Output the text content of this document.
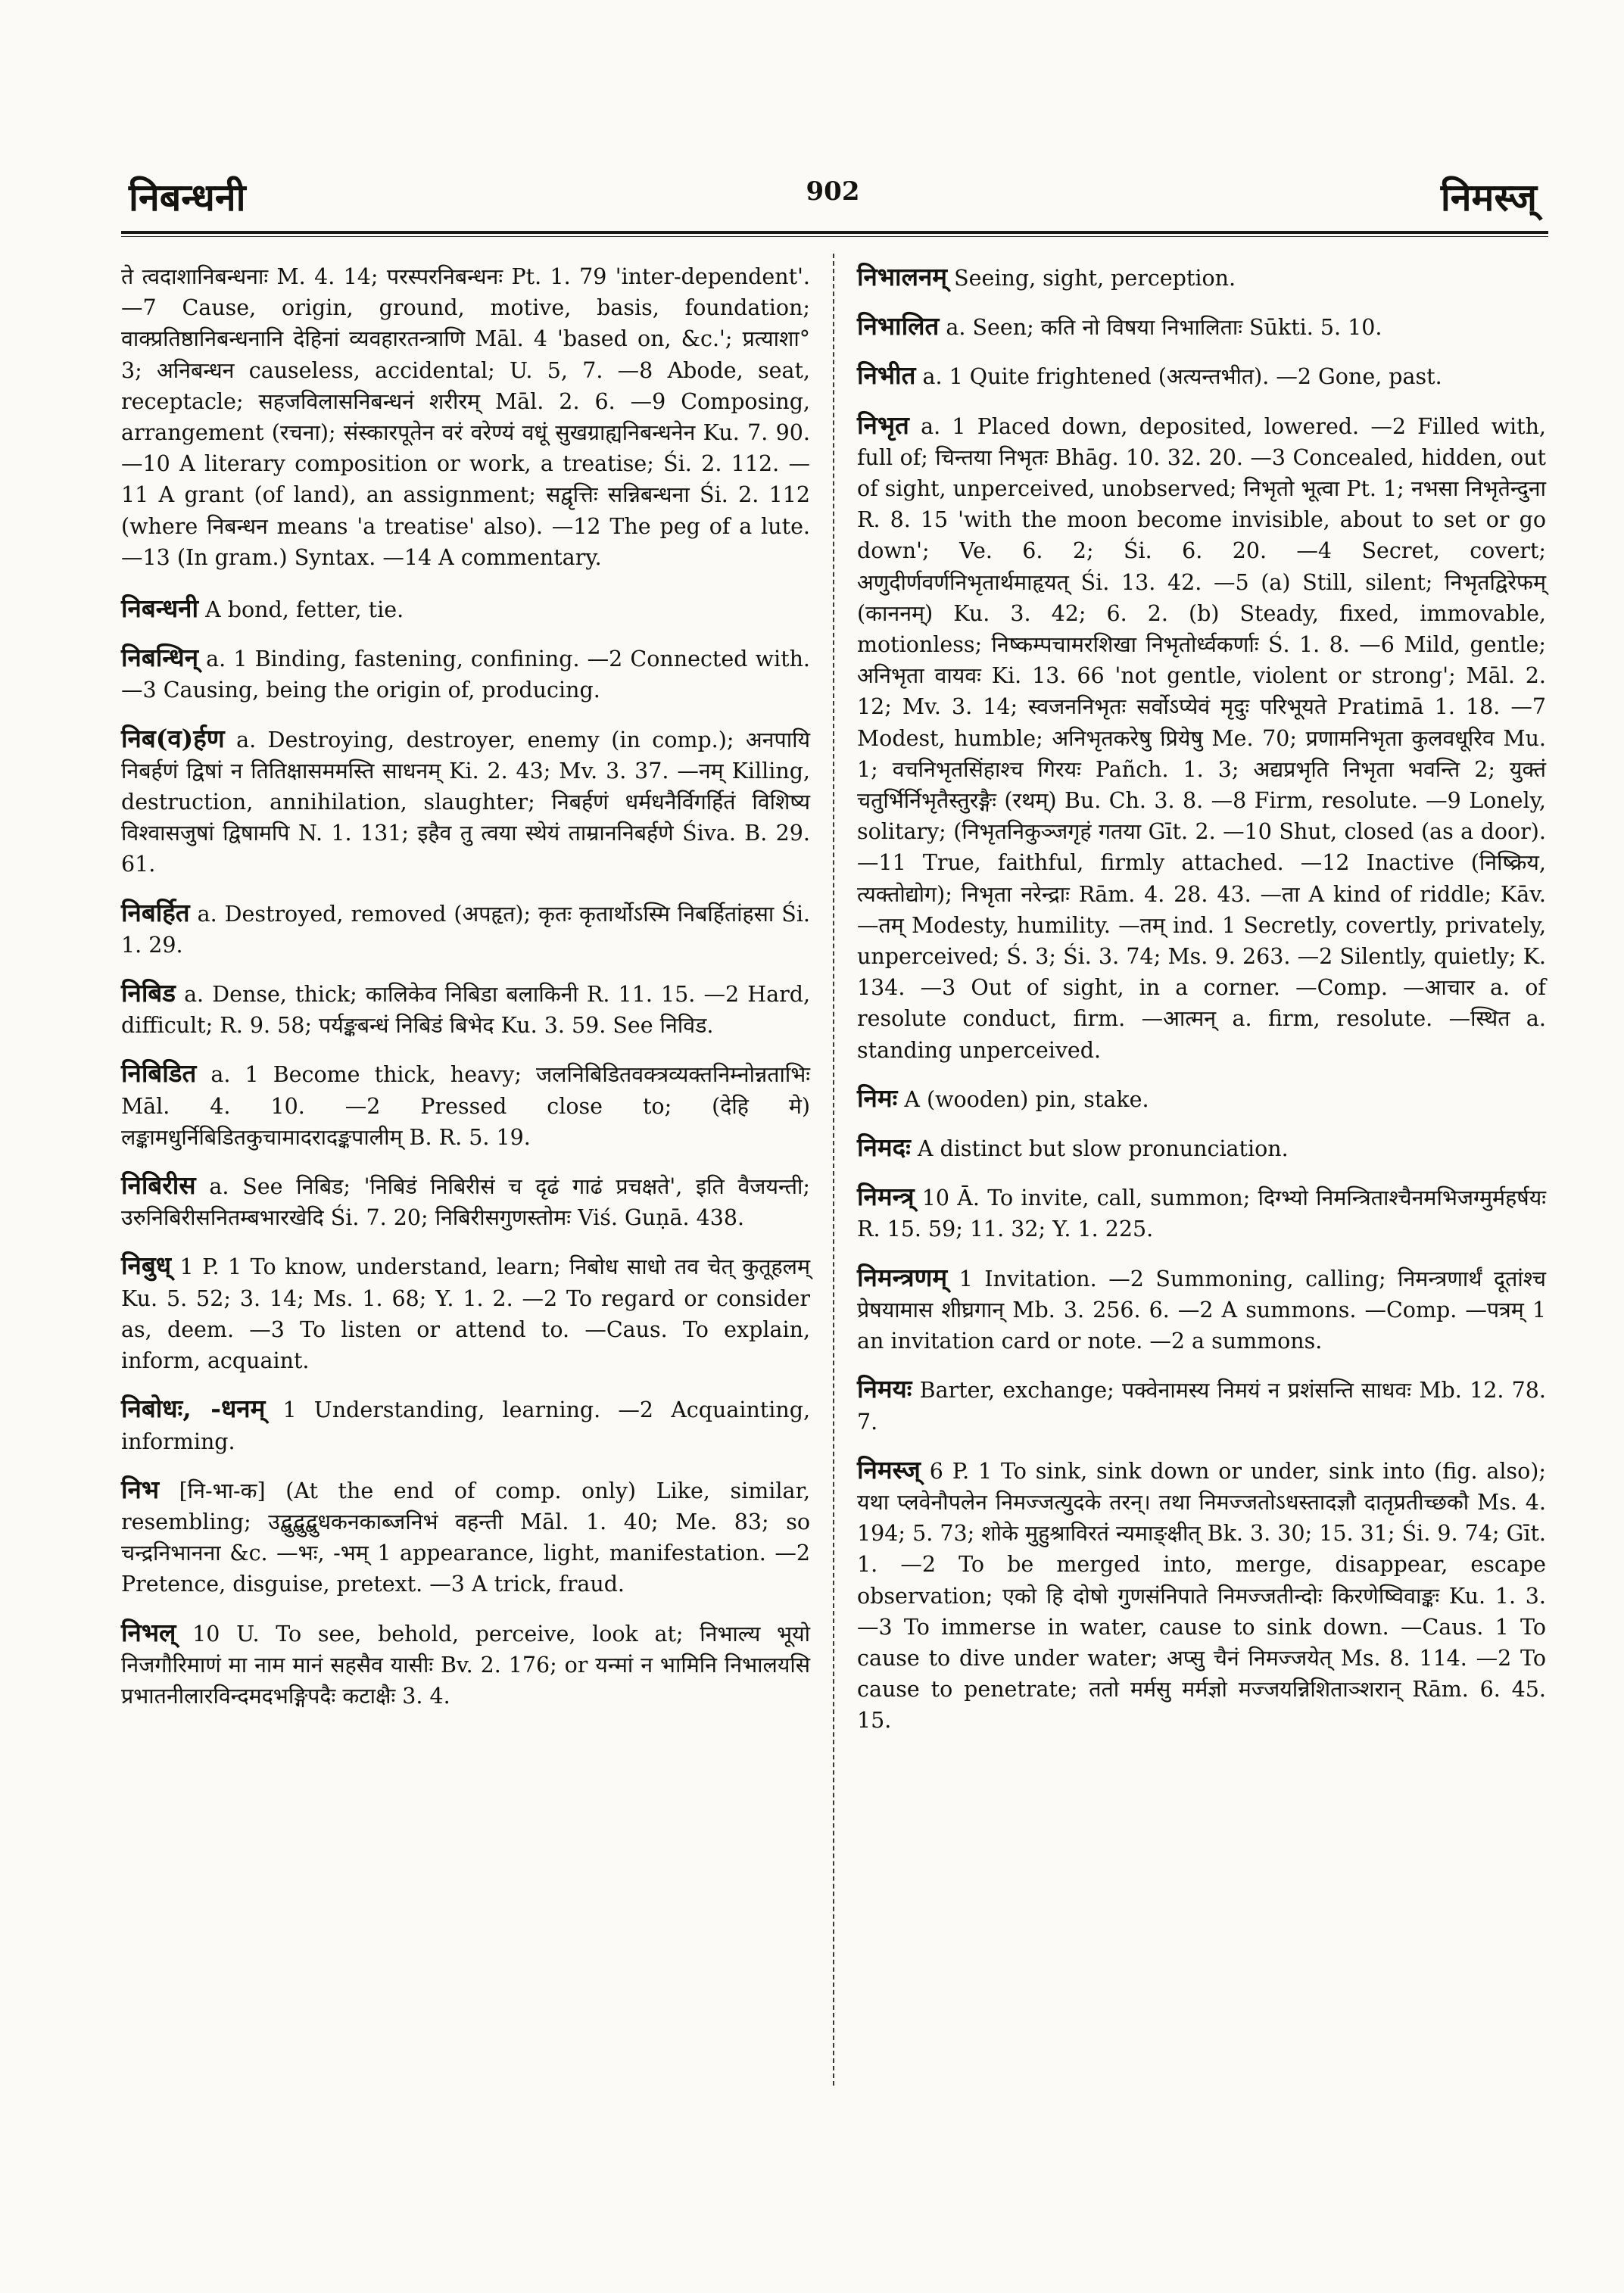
निबन्धनी	902	निमस्ज्

ते त्वदाशानिबन्धनाः M. 4. 14; परस्परनिबन्धनः Pt. 1. 79 'inter-dependent'. —7 Cause, origin, ground, motive, basis, foundation; वाक्प्रतिष्ठानिबन्धनानि देहिनां व्यवहारतन्त्राणि Māl. 4 'based on, &c.'; प्रत्याशा° 3; अनिबन्धन causeless, accidental; U. 5, 7. —8 Abode, seat, receptacle; सहजविलासनिबन्धनं शरीरम् Māl. 2. 6. —9 Composing, arrangement (रचना); संस्कारपूतेन वरं वरेण्यं वधूं सुखग्राह्यनिबन्धनेन Ku. 7. 90. —10 A literary composition or work, a treatise; Śi. 2. 112. —11 A grant (of land), an assignment; सद्वृत्तिः सन्निबन्धना Śi. 2. 112 (where निबन्धन means 'a treatise' also). —12 The peg of a lute. —13 (In gram.) Syntax. —14 A commentary.

निबन्धनी A bond, fetter, tie.

निबन्धिन् a. 1 Binding, fastening, confining. —2 Connected with. —3 Causing, being the origin of, producing.

निब(व)र्हण a. Destroying, destroyer, enemy (in comp.); अनपायि निबर्हणं द्विषां न तितिक्षासममस्ति साधनम् Ki. 2. 43; Mv. 3. 37. —नम् Killing, destruction, annihilation, slaughter; निबर्हणं धर्मधनैर्विगर्हितं विशिष्य विश्वासजुषां द्विषामपि N. 1. 131; इहैव तु त्वया स्थेयं ताम्राननिबर्हणे Śiva. B. 29. 61.

निबर्हित a. Destroyed, removed (अपहृत); कृतः कृतार्थोऽस्मि निबर्हितांहसा Śi. 1. 29.

निबिड a. Dense, thick; कालिकेव निबिडा बलाकिनी R. 11. 15. —2 Hard, difficult; R. 9. 58; पर्यङ्कबन्धं निबिडं बिभेद Ku. 3. 59. See निविड.

निबिडित a. 1 Become thick, heavy; जलनिबिडितवक्त्रव्यक्तनिम्नोन्नताभिः Māl. 4. 10. —2 Pressed close to; (देहि मे) लङ्कामधुर्निबिडितकुचामादरादङ्कपालीम् B. R. 5. 19.

निबिरीस a. See निबिड; 'निबिडं निबिरीसं च दृढं गाढं प्रचक्षते', इति वैजयन्ती; उरुनिबिरीसनितम्बभारखेदि Śi. 7. 20; निबिरीसगुणस्तोमः Viś. Guṇā. 438.

निबुध् 1 P. 1 To know, understand, learn; निबोध साधो तव चेत् कुतूहलम् Ku. 5. 52; 3. 14; Ms. 1. 68; Y. 1. 2. —2 To regard or consider as, deem. —3 To listen or attend to. —Caus. To explain, inform, acquaint.

निबोधः, -धनम् 1 Understanding, learning. —2 Acquainting, informing.

निभ [नि-भा-क] (At the end of comp. only) Like, similar, resembling; उद्बुद्बुद्बुधकनकाब्जनिभं वहन्ती Māl. 1. 40; Me. 83; so चन्द्रनिभानना &c. —भः, -भम् 1 appearance, light, manifestation. —2 Pretence, disguise, pretext. —3 A trick, fraud.

निभल् 10 U. To see, behold, perceive, look at; निभाल्य भूयो निजगौरिमाणं मा नाम मानं सहसैव यासीः Bv. 2. 176; or यन्मां न भामिनि निभालयसि प्रभातनीलारविन्दमदभङ्गिपदैः कटाक्षैः 3. 4.

निभालनम् Seeing, sight, perception.

निभालित a. Seen; कति नो विषया निभालिताः Sūkti. 5. 10.

निभीत a. 1 Quite frightened (अत्यन्तभीत). —2 Gone, past.

निभृत a. 1 Placed down, deposited, lowered. —2 Filled with, full of; चिन्तया निभृतः Bhāg. 10. 32. 20. —3 Concealed, hidden, out of sight, unperceived, unobserved; निभृतो भूत्वा Pt. 1; नभसा निभृतेन्दुना R. 8. 15 'with the moon become invisible, about to set or go down'; Ve. 6. 2; Śi. 6. 20. —4 Secret, covert; अणुदीर्णवर्णनिभृतार्थमाहृयत् Śi. 13. 42. —5 (a) Still, silent; निभृतद्विरेफम् (काननम्) Ku. 3. 42; 6. 2. (b) Steady, fixed, immovable, motionless; निष्कम्पचामरशिखा निभृतोर्ध्वकर्णाः Ś. 1. 8. —6 Mild, gentle; अनिभृता वायवः Ki. 13. 66 'not gentle, violent or strong'; Māl. 2. 12; Mv. 3. 14; स्वजननिभृतः सर्वोऽप्येवं मृदुः परिभूयते Pratimā 1. 18. —7 Modest, humble; अनिभृतकरेषु प्रियेषु Me. 70; प्रणामनिभृता कुलवधूरिव Mu. 1; वचनिभृतसिंहाश्च गिरयः Pañch. 1. 3; अद्यप्रभृति निभृता भवन्ति 2; युक्तं चतुर्भिर्निभृतैस्तुरङ्गैः (रथम्) Bu. Ch. 3. 8. —8 Firm, resolute. —9 Lonely, solitary; (निभृतनिकुञ्जगृहं गतया Gīt. 2. —10 Shut, closed (as a door). —11 True, faithful, firmly attached. —12 Inactive (निष्क्रिय, त्यक्तोद्योग); निभृता नरेन्द्राः Rām. 4. 28. 43. —ता A kind of riddle; Kāv. —तम् Modesty, humility. —तम् ind. 1 Secretly, covertly, privately, unperceived; Ś. 3; Śi. 3. 74; Ms. 9. 263. —2 Silently, quietly; K. 134. —3 Out of sight, in a corner. —Comp. —आचार a. of resolute conduct, firm. —आत्मन् a. firm, resolute. —स्थित a. standing unperceived.

निमः A (wooden) pin, stake.

निमदः A distinct but slow pronunciation.

निमन्त्र् 10 Ā. To invite, call, summon; दिग्भ्यो निमन्त्रिताश्चैनमभिजग्मुर्महर्षयः R. 15. 59; 11. 32; Y. 1. 225.

निमन्त्रणम् 1 Invitation. —2 Summoning, calling; निमन्त्रणार्थं दूतांश्च प्रेषयामास शीघ्रगान् Mb. 3. 256. 6. —2 A summons. —Comp. —पत्रम् 1 an invitation card or note. —2 a summons.

निमयः Barter, exchange; पक्वेनामस्य निमयं न प्रशंसन्ति साधवः Mb. 12. 78. 7.

निमस्ज् 6 P. 1 To sink, sink down or under, sink into (fig. also); यथा प्लवेनौपलेन निमज्जत्युदके तरन्। तथा निमज्जतोऽधस्तादज्ञौ दातृप्रतीच्छकौ Ms. 4. 194; 5. 73; शोके मुहुश्राविरतं न्यमाङ्क्षीत् Bk. 3. 30; 15. 31; Śi. 9. 74; Gīt. 1. —2 To be merged into, merge, disappear, escape observation; एको हि दोषो गुणसंनिपाते निमज्जतीन्दोः किरणेष्विवाङ्कः Ku. 1. 3. —3 To immerse in water, cause to sink down. —Caus. 1 To cause to dive under water; अप्सु चैनं निमज्जयेत् Ms. 8. 114. —2 To cause to penetrate; ततो मर्मसु मर्मज्ञो मज्जयन्निशिताञ्शरान् Rām. 6. 45. 15.
